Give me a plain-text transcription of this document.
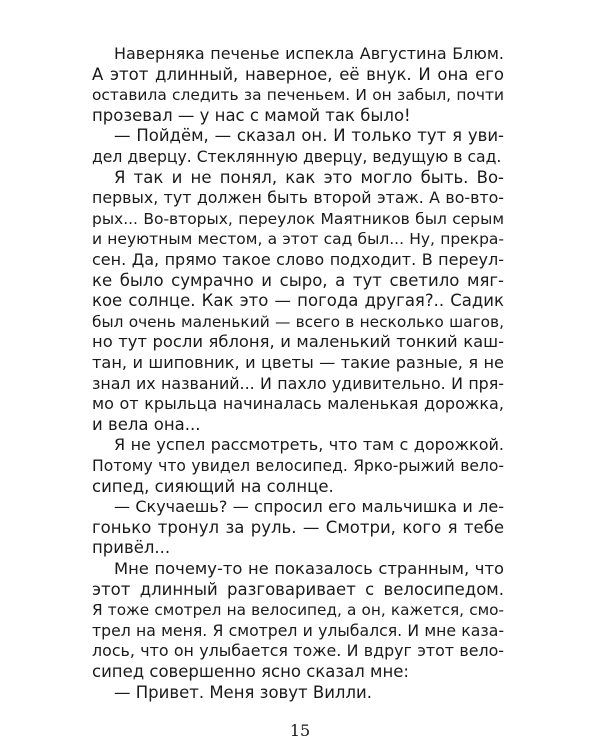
Наверняка печенье испекла Августина Блюм.
А этот длинный, наверное, её внук. И она его
оставила следить за печеньем. И он забыл, почти
прозевал — у нас с мамой так было!
— Пойдём, — сказал он. И только тут я уви-
дел дверцу. Стеклянную дверцу, ведущую в сад.
Я так и не понял, как это могло быть. Во-
первых, тут должен быть второй этаж. А во-вто-
рых... Во-вторых, переулок Маятников был серым
и неуютным местом, а этот сад был... Ну, прекра-
сен. Да, прямо такое слово подходит. В переул-
ке было сумрачно и сыро, а тут светило мяг-
кое солнце. Как это — погода другая?.. Садик
был очень маленький — всего в несколько шагов,
но тут росли яблоня, и маленький тонкий каш-
тан, и шиповник, и цветы — такие разные, я не
знал их названий... И пахло удивительно. И пря-
мо от крыльца начиналась маленькая дорожка,
и вела она...
Я не успел рассмотреть, что там с дорожкой.
Потому что увидел велосипед. Ярко-рыжий вело-
сипед, сияющий на солнце.
— Скучаешь? — спросил его мальчишка и ле-
гонько тронул за руль. — Смотри, кого я тебе
привёл...
Мне почему-то не показалось странным, что
этот длинный разговаривает с велосипедом.
Я тоже смотрел на велосипед, а он, кажется, смо-
трел на меня. Я смотрел и улыбался. И мне каза-
лось, что он улыбается тоже. И вдруг этот вело-
сипед совершенно ясно сказал мне:
— Привет. Меня зовут Вилли.
15
